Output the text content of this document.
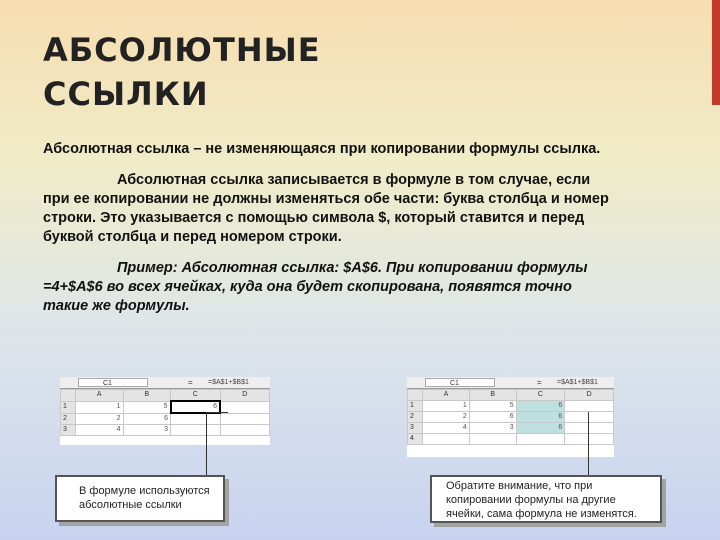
АБСОЛЮТНЫЕ
ССЫЛКИ

Абсолютная ссылка – не изменяющаяся при копировании формулы ссылка.

Абсолютная ссылка записывается в формуле в том случае, если при ее копировании не должны изменяться обе части: буква столбца и номер строки. Это указывается с помощью символа $, который ставится и перед буквой столбца и перед номером строки.

Пример: Абсолютная ссылка: $A$6. При копировании формулы =4+$A$6 во всех ячейках, куда она будет скопирована, появятся точно такие же формулы.

C1	= =$A$1+$B$1
	A	B	C	D
1	1	5	6	
2	2	6		
3	4	3		
C1	= =$A$1+$B$1
	A	B	C	D
1	1	5	6	
2	2	6	6	
3	4	3	6	
4				
В формуле используются абсолютные ссылки
Обратите внимание, что при копировании формулы на другие ячейки, сама формула не изменятся.
